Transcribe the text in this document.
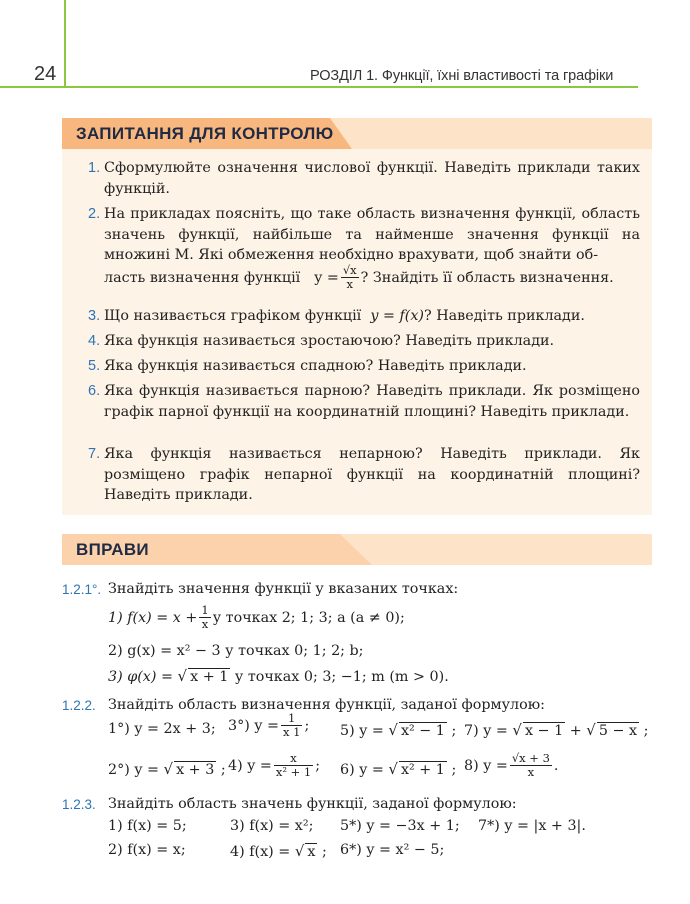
24	РОЗДІЛ 1. Функції, їхні властивості та графіки
ЗАПИТАННЯ ДЛЯ КОНТРОЛЮ
1. Сформулюйте означення числової функції. Наведіть приклади таких функцій.
2. На прикладах поясніть, що таке область визначення функції, область значень функції, найбільше та найменше значення функції на множині M. Які обмеження необхідно врахувати, щоб знайти об-
ласть визначення функції $y = \frac{√x}{x}$ ? Знайдіть її область визначення.
3. Що називається графіком функції y = f(x)? Наведіть приклади.
4. Яка функція називається зростаючою? Наведіть приклади.
5. Яка функція називається спадною? Наведіть приклади.
6. Яка функція називається парною? Наведіть приклади. Як розміщено графік парної функції на координатній площині? Наведіть приклади.
7. Яка функція називається непарною? Наведіть приклади. Як розміщено графік непарної функції на координатній площині? Наведіть приклади.
ВПРАВИ
1.2.1°. Знайдіть значення функції у вказаних точках:
1) $f(x) = x + \frac{1}{x}$ у точках 2; 1; 3; a (a ≠ 0);
2) g(x) = x² − 3 у точках 0; 1; 2; b;
3) φ(x) = √ x + 1 у точках 0; 3; −1; m (m > 0).
1.2.2. Знайдіть область визначення функції, заданої формулою:
1°) y = 2x + 3; 3°) $y = \frac{1}{x 1}$ ; 5) y = √ x² − 1 ; 7) y = √ x − 1 + √ 5 − x ;
2°) y = √ x + 3 ; 4) $y = \frac{x}{\text{x² + 1}}$ ; 6) y = √ x² + 1 ; 8) $y = \frac{√x + 3}{x}$ .
1.2.3. Знайдіть область значень функції, заданої формулою:
1) f(x) = 5;	3) f(x) = x²; 5*) y = −3x + 1; 7*) y = |x + 3|.
2) f(x) = x;	4) f(x) = √ x ; 6*) y = x² − 5;
